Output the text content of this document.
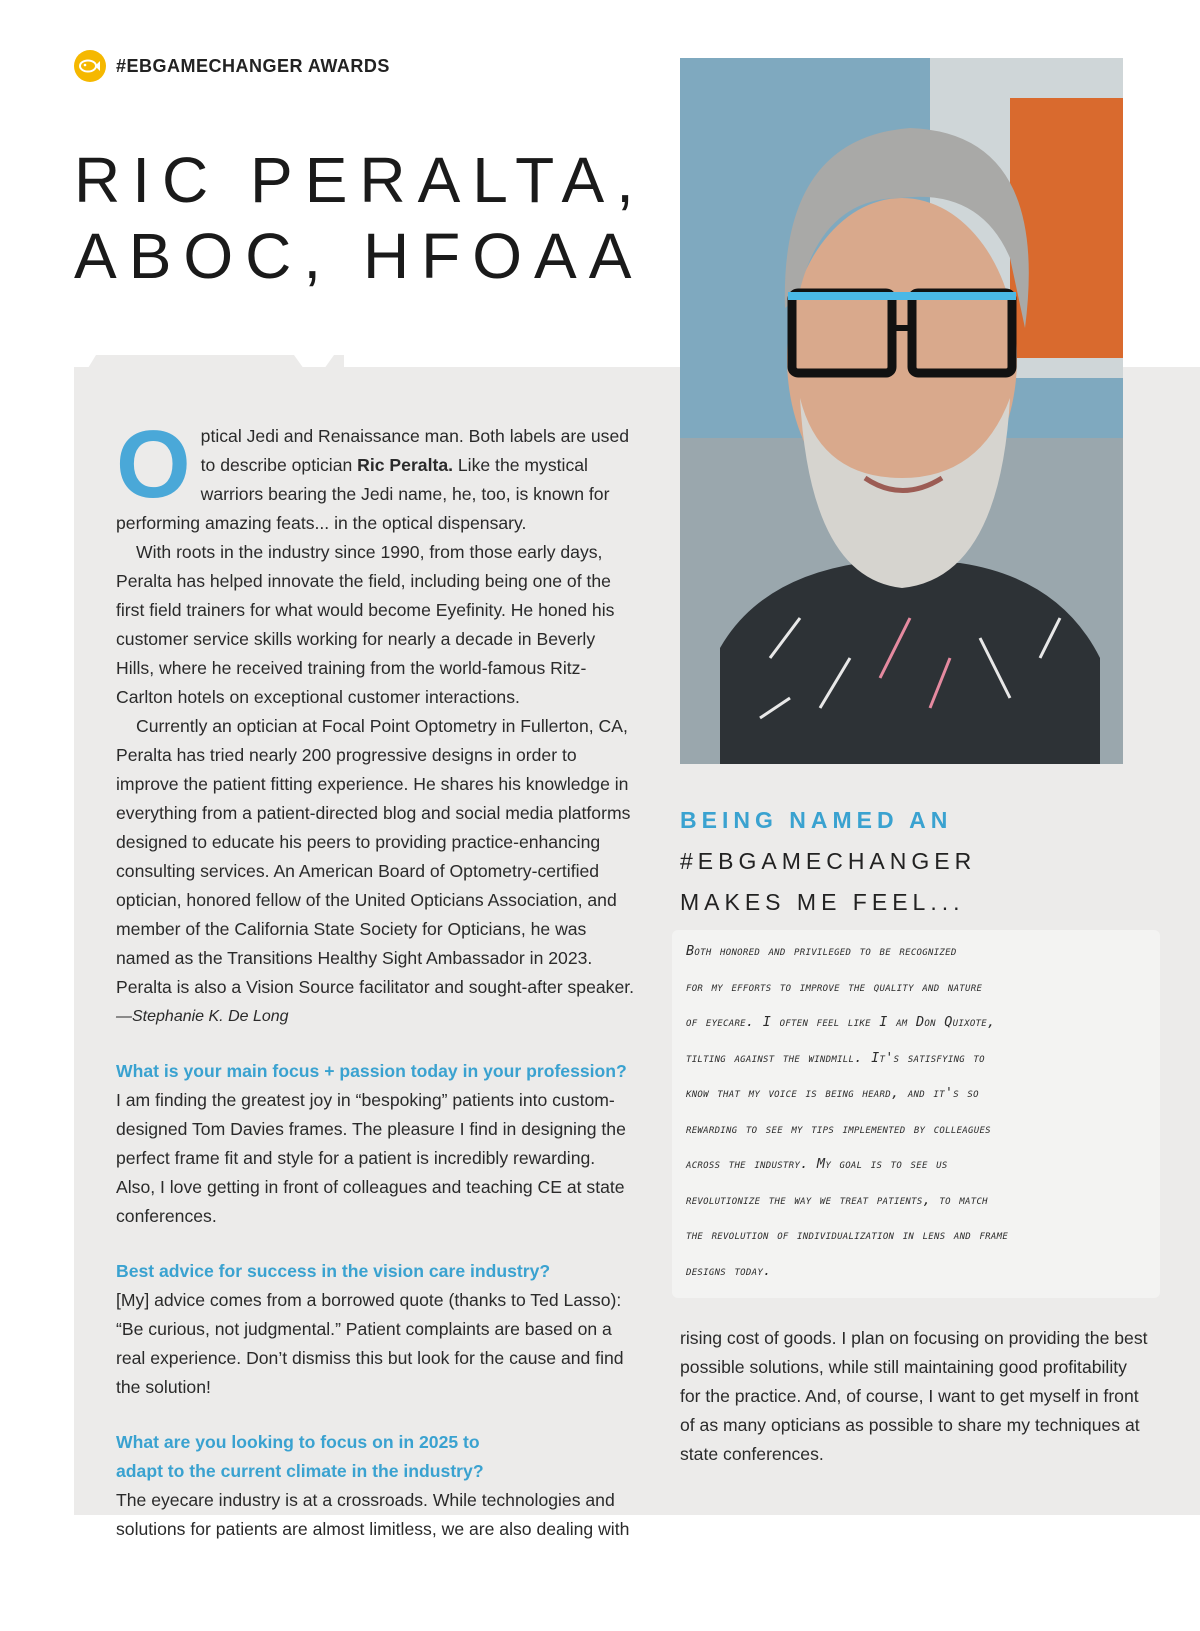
#EBGAMECHANGER AWARDS
RIC PERALTA,
ABOC, HFOAA

Optical Jedi and Renaissance man. Both labels are used to describe optician Ric Peralta. Like the mystical warriors bearing the Jedi name, he, too, is known for performing amazing feats... in the optical dispensary.

With roots in the industry since 1990, from those early days, Peralta has helped innovate the field, including being one of the first field trainers for what would become Eyefinity. He honed his customer service skills working for nearly a decade in Beverly Hills, where he received training from the world-famous Ritz-Carlton hotels on exceptional customer interactions.

Currently an optician at Focal Point Optometry in Fullerton, CA, Peralta has tried nearly 200 progressive designs in order to improve the patient fitting experience. He shares his knowledge in everything from a patient-directed blog and social media platforms designed to educate his peers to providing practice-enhancing consulting services. An American Board of Optometry-certified optician, honored fellow of the United Opticians Association, and member of the California State Society for Opticians, he was named as the Transitions Healthy Sight Ambassador in 2023. Peralta is also a Vision Source facilitator and sought-after speaker.

—Stephanie K. De Long

What is your main focus + passion today in your profession?

I am finding the greatest joy in “bespoking” patients into custom-designed Tom Davies frames. The pleasure I find in designing the perfect frame fit and style for a patient is incredibly rewarding. Also, I love getting in front of colleagues and teaching CE at state conferences.

Best advice for success in the vision care industry?

[My] advice comes from a borrowed quote (thanks to Ted Lasso): “Be curious, not judgmental.” Patient complaints are based on a real experience. Don’t dismiss this but look for the cause and find the solution!

What are you looking to focus on in 2025 to adapt to the current climate in the industry?

The eyecare industry is at a crossroads. While technologies and solutions for patients are almost limitless, we are also dealing with

BEING NAMED AN
#EBGAMECHANGER
MAKES ME FEEL...
Both honored and privileged to be recognized
for my efforts to improve the quality and nature
of eyecare. I often feel like I am Don Quixote,
tilting against the windmill. It's satisfying to
know that my voice is being heard, and it's so
rewarding to see my tips implemented by colleagues
across the industry. My goal is to see us
revolutionize the way we treat patients, to match
the revolution of individualization in lens and frame
designs today.

rising cost of goods. I plan on focusing on providing the best possible solutions, while still maintaining good profitability for the practice. And, of course, I want to get myself in front of as many opticians as possible to share my techniques at state conferences.
